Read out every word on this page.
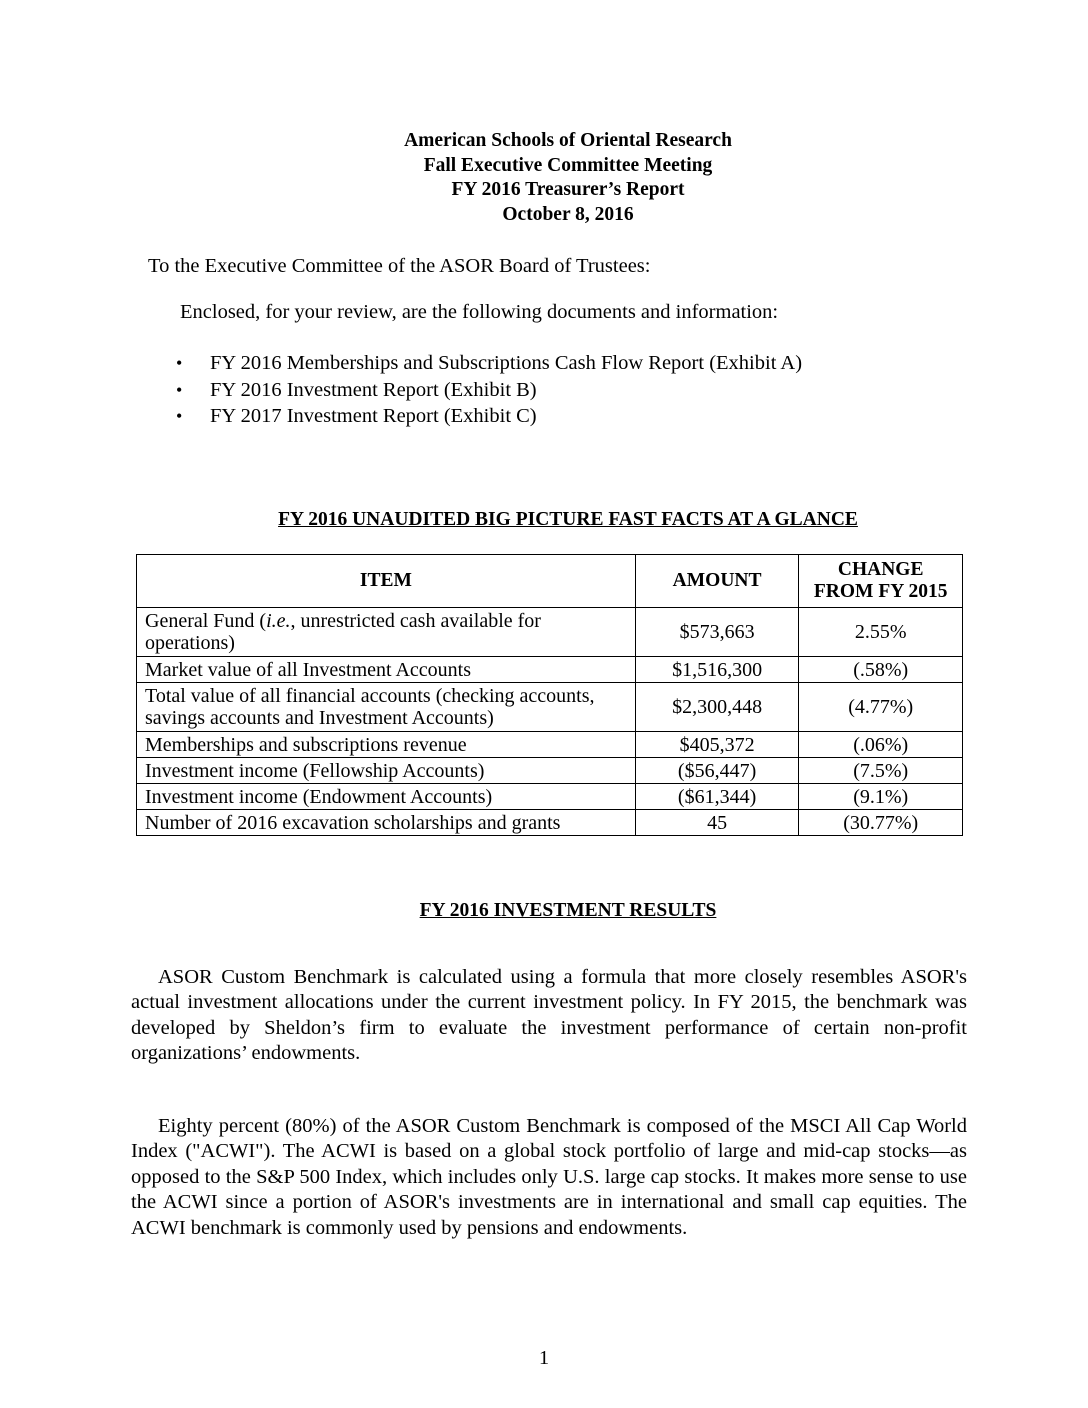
American Schools of Oriental Research
Fall Executive Committee Meeting
FY 2016 Treasurer’s Report
October 8, 2016
To the Executive Committee of the ASOR Board of Trustees:
Enclosed, for your review, are the following documents and information:
• FY 2016 Memberships and Subscriptions Cash Flow Report (Exhibit A)
• FY 2016 Investment Report (Exhibit B)
• FY 2017 Investment Report (Exhibit C)
FY 2016 UNAUDITED BIG PICTURE FAST FACTS AT A GLANCE
ITEM	AMOUNT	CHANGE
FROM FY 2015
General Fund (i.e., unrestricted cash available for operations)	$573,663	2.55%
Market value of all Investment Accounts	$1,516,300	(.58%)
Total value of all financial accounts (checking accounts, savings accounts and Investment Accounts)	$2,300,448	(4.77%)
Memberships and subscriptions revenue	$405,372	(.06%)
Investment income (Fellowship Accounts)	($56,447)	(7.5%)
Investment income (Endowment Accounts)	($61,344)	(9.1%)
Number of 2016 excavation scholarships and grants	45	(30.77%)
FY 2016 INVESTMENT RESULTS

ASOR Custom Benchmark is calculated using a formula that more closely resembles ASOR's actual investment allocations under the current investment policy. In FY 2015, the benchmark was developed by Sheldon’s firm to evaluate the investment performance of certain non-profit organizations’ endowments.

Eighty percent (80%) of the ASOR Custom Benchmark is composed of the MSCI All Cap World Index ("ACWI"). The ACWI is based on a global stock portfolio of large and mid-cap stocks—as opposed to the S&P 500 Index, which includes only U.S. large cap stocks. It makes more sense to use the ACWI since a portion of ASOR's investments are in international and small cap equities. The ACWI benchmark is commonly used by pensions and endowments.

1
